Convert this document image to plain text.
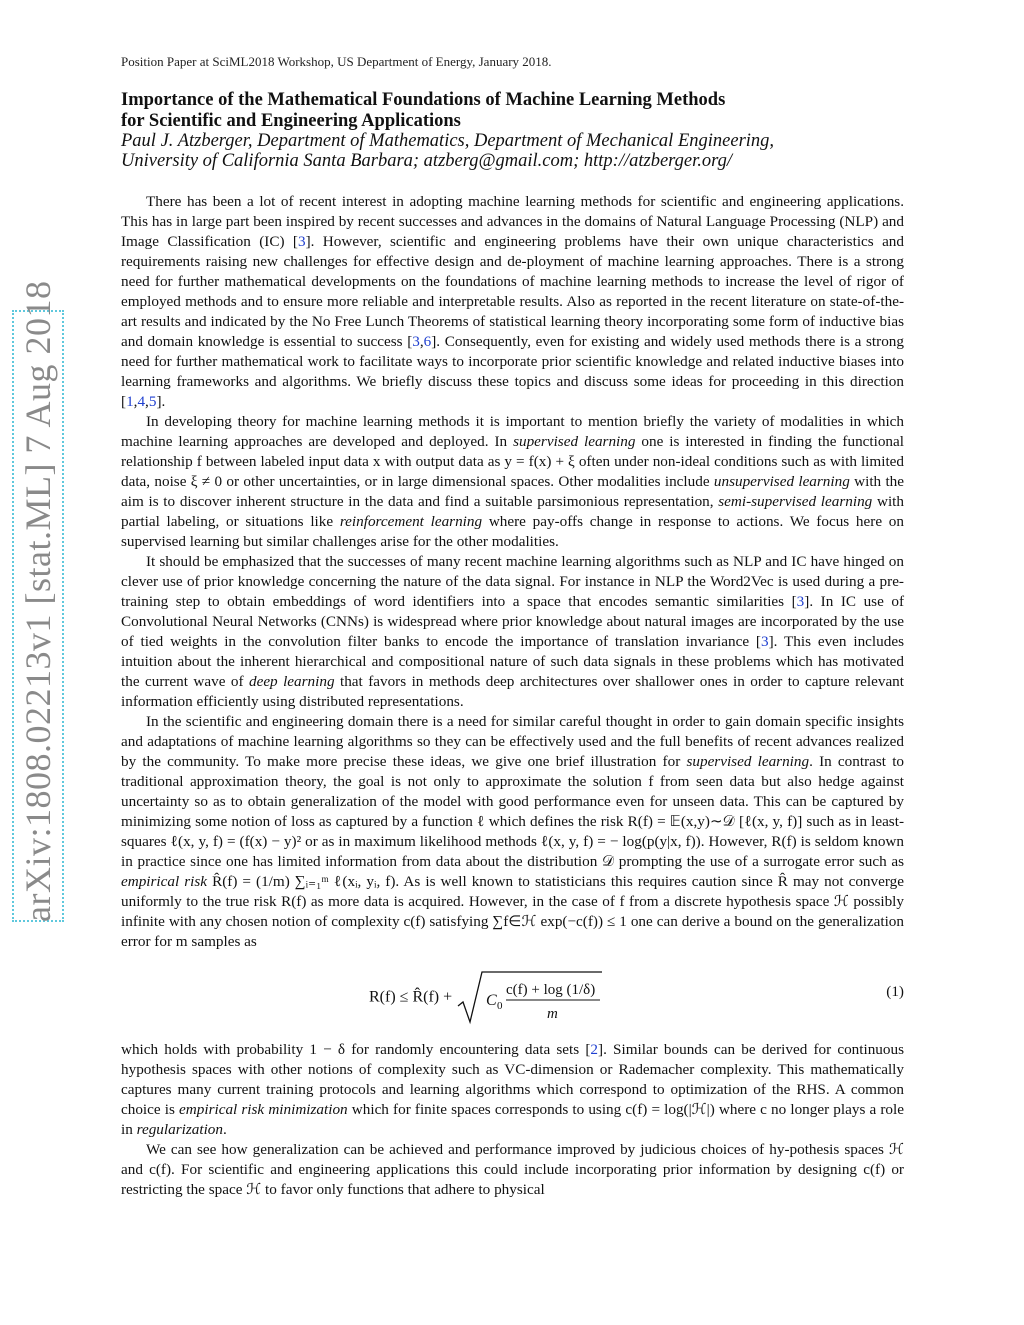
arXiv:1808.02213v1 [stat.ML] 7 Aug 2018
Position Paper at SciML2018 Workshop, US Department of Energy, January 2018.
Importance of the Mathematical Foundations of Machine Learning Methods
for Scientific and Engineering Applications
Paul J. Atzberger, Department of Mathematics, Department of Mechanical Engineering,
University of California Santa Barbara; atzberg@gmail.com; http://atzberger.org/

There has been a lot of recent interest in adopting machine learning methods for scientific and engineering applications. This has in large part been inspired by recent successes and advances in the domains of Natural Language Processing (NLP) and Image Classification (IC) [3]. However, scientific and engineering problems have their own unique characteristics and requirements raising new challenges for effective design and de-ployment of machine learning approaches. There is a strong need for further mathematical developments on the foundations of machine learning methods to increase the level of rigor of employed methods and to ensure more reliable and interpretable results. Also as reported in the recent literature on state-of-the-art results and indicated by the No Free Lunch Theorems of statistical learning theory incorporating some form of inductive bias and domain knowledge is essential to success [3,6]. Consequently, even for existing and widely used methods there is a strong need for further mathematical work to facilitate ways to incorporate prior scientific knowledge and related inductive biases into learning frameworks and algorithms. We briefly discuss these topics and discuss some ideas for proceeding in this direction [1,4,5].

In developing theory for machine learning methods it is important to mention briefly the variety of modalities in which machine learning approaches are developed and deployed. In supervised learning one is interested in finding the functional relationship f between labeled input data x with output data as y = f(x) + ξ often under non-ideal conditions such as with limited data, noise ξ ≠ 0 or other uncertainties, or in large dimensional spaces. Other modalities include unsupervised learning with the aim is to discover inherent structure in the data and find a suitable parsimonious representation, semi-supervised learning with partial labeling, or situations like reinforcement learning where pay-offs change in response to actions. We focus here on supervised learning but similar challenges arise for the other modalities.

It should be emphasized that the successes of many recent machine learning algorithms such as NLP and IC have hinged on clever use of prior knowledge concerning the nature of the data signal. For instance in NLP the Word2Vec is used during a pre-training step to obtain embeddings of word identifiers into a space that encodes semantic similarities [3]. In IC use of Convolutional Neural Networks (CNNs) is widespread where prior knowledge about natural images are incorporated by the use of tied weights in the convolution filter banks to encode the importance of translation invariance [3]. This even includes intuition about the inherent hierarchical and compositional nature of such data signals in these problems which has motivated the current wave of deep learning that favors in methods deep architectures over shallower ones in order to capture relevant information efficiently using distributed representations.

In the scientific and engineering domain there is a need for similar careful thought in order to gain domain specific insights and adaptations of machine learning algorithms so they can be effectively used and the full benefits of recent advances realized by the community. To make more precise these ideas, we give one brief illustration for supervised learning. In contrast to traditional approximation theory, the goal is not only to approximate the solution f from seen data but also hedge against uncertainty so as to obtain generalization of the model with good performance even for unseen data. This can be captured by minimizing some notion of loss as captured by a function ℓ which defines the risk R(f) = 𝔼(x,y)∼𝒟 [ℓ(x, y, f)] such as in least-squares ℓ(x, y, f) = (f(x) − y)² or as in maximum likelihood methods ℓ(x, y, f) = − log(p(y|x, f)). However, R(f) is seldom known in practice since one has limited information from data about the distribution 𝒟 prompting the use of a surrogate error such as empirical risk R̂(f) = (1/m) ∑ᵢ₌₁ᵐ ℓ(xᵢ, yᵢ, f). As is well known to statisticians this requires caution since R̂ may not converge uniformly to the true risk R(f) as more data is acquired. However, in the case of f from a discrete hypothesis space ℋ possibly infinite with any chosen notion of complexity c(f) satisfying ∑f∈ℋ exp(−c(f)) ≤ 1 one can derive a bound on the generalization error for m samples as

R(f) ≤ R̂(f) + C 0
c(f) + log (1/δ)
m
(1)

which holds with probability 1 − δ for randomly encountering data sets [2]. Similar bounds can be derived for continuous hypothesis spaces with other notions of complexity such as VC-dimension or Rademacher complexity. This mathematically captures many current training protocols and learning algorithms which correspond to optimization of the RHS. A common choice is empirical risk minimization which for finite spaces corresponds to using c(f) = log(|ℋ|) where c no longer plays a role in regularization.

We can see how generalization can be achieved and performance improved by judicious choices of hy-pothesis spaces ℋ and c(f). For scientific and engineering applications this could include incorporating prior information by designing c(f) or restricting the space ℋ to favor only functions that adhere to physical
